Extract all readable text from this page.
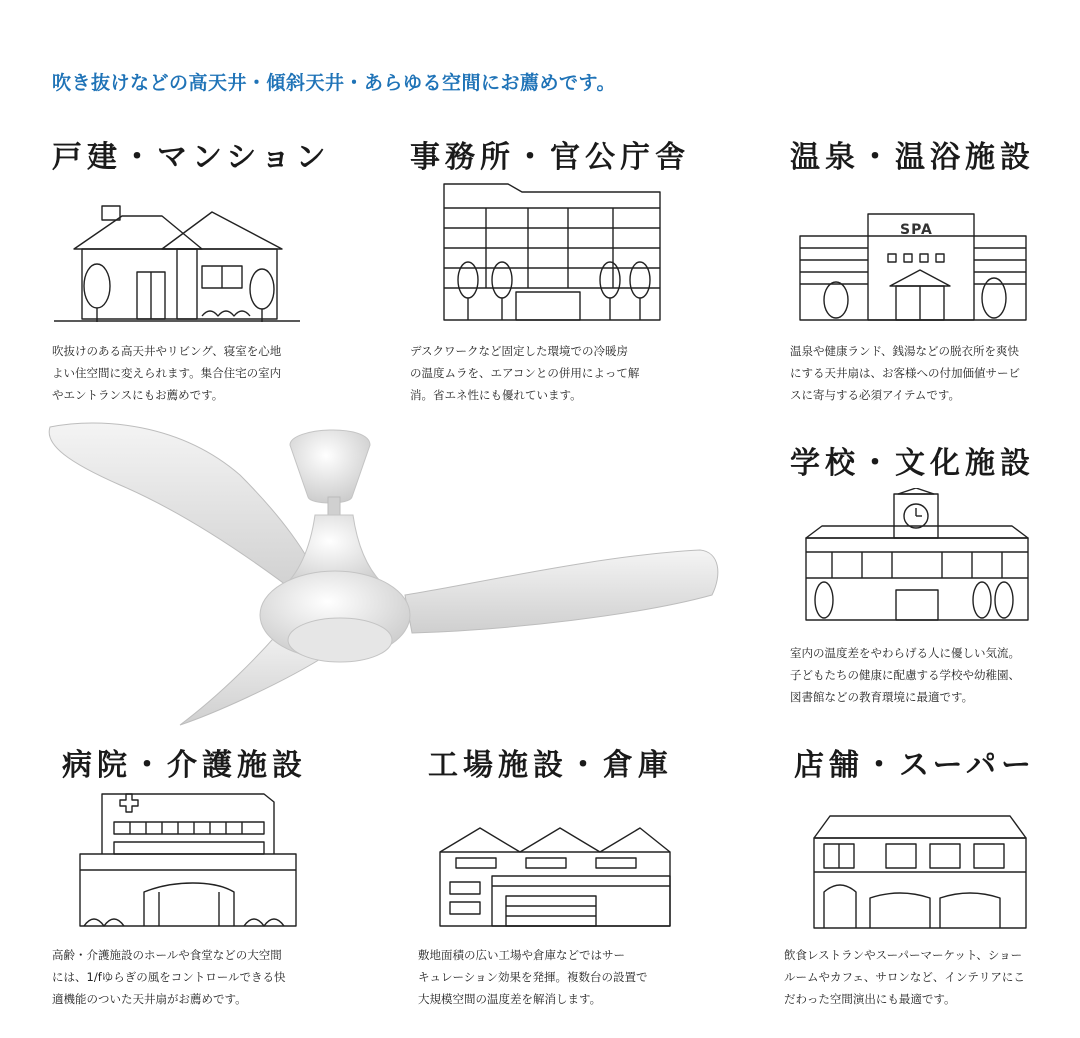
吹き抜けなどの高天井・傾斜天井・あらゆる空間にお薦めです。
戸建・マンション

吹抜けのある高天井やリビング、寝室を心地
よい住空間に変えられます。集合住宅の室内
やエントランスにもお薦めです。

事務所・官公庁舎

デスクワークなど固定した環境での冷暖房
の温度ムラを、エアコンとの併用によって解
消。省エネ性にも優れています。

温泉・温浴施設
SPA

温泉や健康ランド、銭湯などの脱衣所を爽快
にする天井扇は、お客様への付加価値サービ
スに寄与する必須アイテムです。

学校・文化施設

室内の温度差をやわらげる人に優しい気流。
子どもたちの健康に配慮する学校や幼稚園、
図書館などの教育環境に最適です。

病院・介護施設

高齢・介護施設のホールや食堂などの大空間
には、1/fゆらぎの風をコントロールできる快
適機能のついた天井扇がお薦めです。

工場施設・倉庫

敷地面積の広い工場や倉庫などではサー
キュレーション効果を発揮。複数台の設置で
大規模空間の温度差を解消します。

店舗・スーパー

飲食レストランやスーパーマーケット、ショー
ルームやカフェ、サロンなど、インテリアにこ
だわった空間演出にも最適です。
